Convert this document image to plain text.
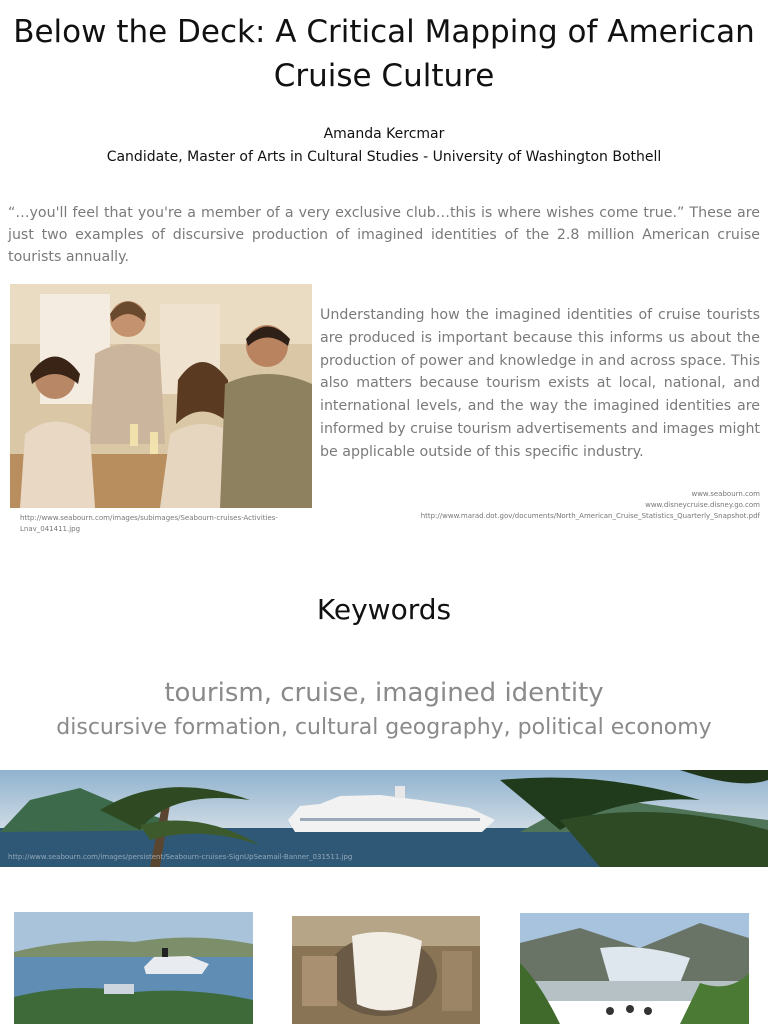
Below the Deck: A Critical Mapping of American
Cruise Culture
Amanda Kercmar
Candidate, Master of Arts in Cultural Studies - University of Washington Bothell
“…you'll feel that you're a member of a very exclusive club…this is where wishes come true.” These are just two examples of discursive production of imagined identities of the 2.8 million American cruise tourists annually.
Understanding how the imagined identities of cruise tourists are produced is important because this informs us about the production of power and knowledge in and across space. This also matters because tourism exists at local, national, and international levels, and the way the imagined identities are informed by cruise tourism advertisements and images might be applicable outside of this specific industry.
www.seabourn.com
www.disneycruise.disney.go.com
http://www.marad.dot.gov/documents/North_American_Cruise_Statistics_Quarterly_Snapshot.pdf
http://www.seabourn.com/images/subimages/Seabourn-cruises-Activities-Lnav_041411.jpg
Keywords
tourism, cruise, imagined identity
discursive formation, cultural geography, political economy
http://www.seabourn.com/images/persistent/Seabourn-cruises-SignUpSeamail-Banner_031511.jpg
